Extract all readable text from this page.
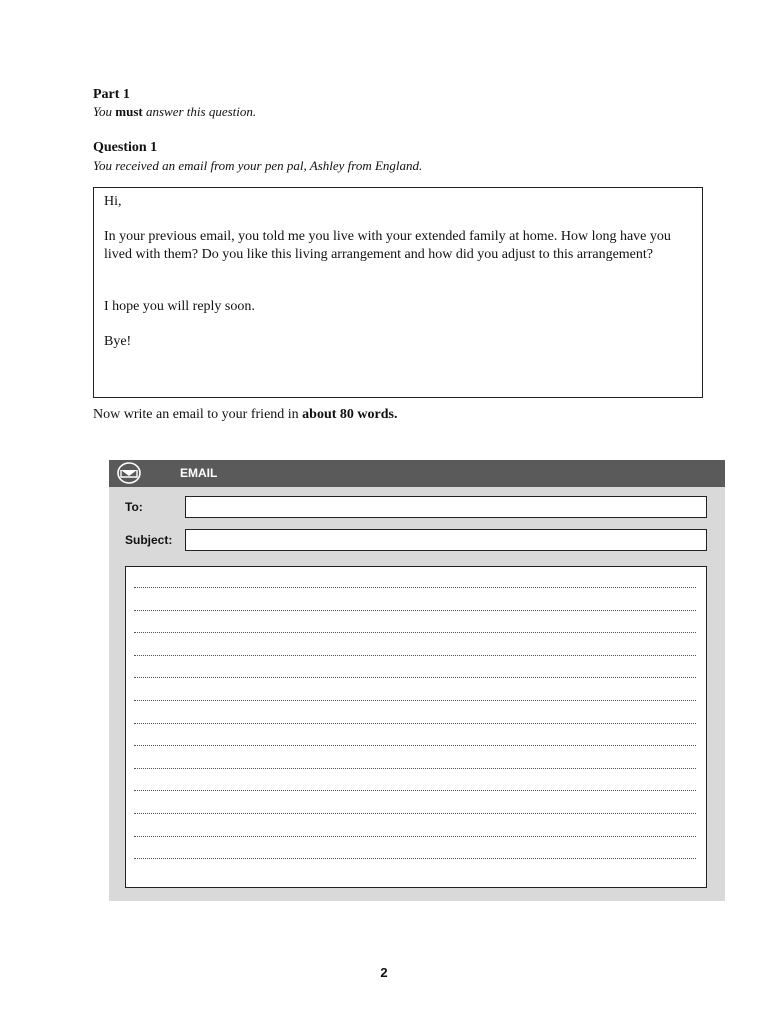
Part 1
You must answer this question.
Question 1
You received an email from your pen pal, Ashley from England.

Hi,

In your previous email, you told me you live with your extended family at home. How long have you lived with them? Do you like this living arrangement and how did you adjust to this arrangement?

I hope you will reply soon.

Bye!

Now write an email to your friend in about 80 words.
EMAIL
To:
Subject:
2
